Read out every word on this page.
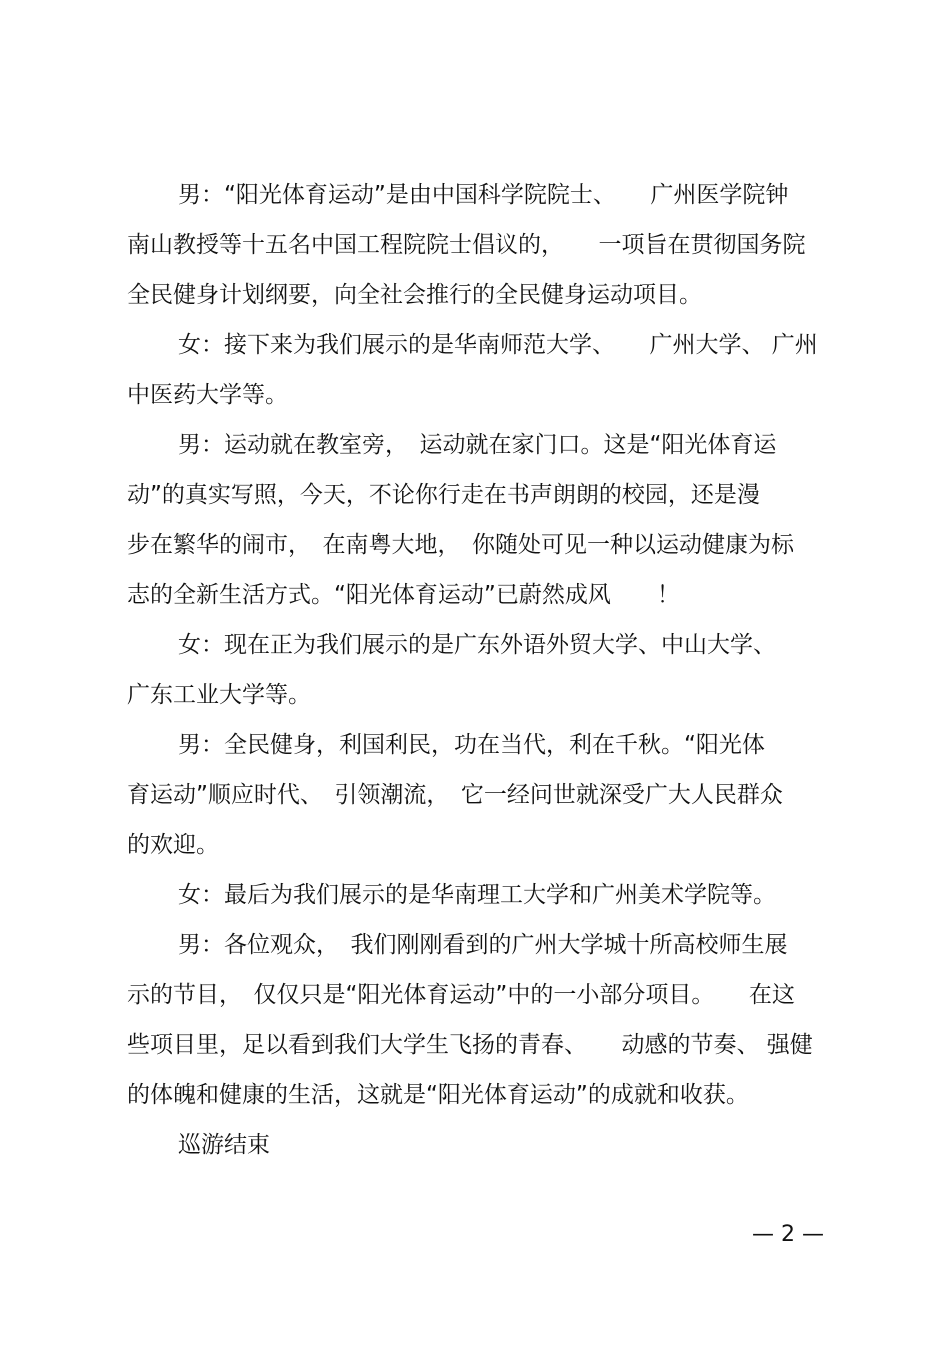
男：“阳光体育运动”是由中国科学院院士、　　广州医学院钟
南山教授等十五名中国工程院院士倡议的，　　一项旨在贯彻国务院
全民健身计划纲要，向全社会推行的全民健身运动项目。
女：接下来为我们展示的是华南师范大学、　　广州大学、 广州
中医药大学等。
男：运动就在教室旁，　运动就在家门口。这是“阳光体育运
动”的真实写照，今天，不论你行走在书声朗朗的校园，还是漫
步在繁华的闹市，　在南粤大地，　你随处可见一种以运动健康为标
志的全新生活方式。“阳光体育运动”已蔚然成风　　！
女：现在正为我们展示的是广东外语外贸大学、中山大学、
广东工业大学等。
男：全民健身，利国利民，功在当代，利在千秋。“阳光体
育运动”顺应时代、　引领潮流，　它一经问世就深受广大人民群众
的欢迎。
女：最后为我们展示的是华南理工大学和广州美术学院等。
男：各位观众，　我们刚刚看到的广州大学城十所高校师生展
示的节目，　仅仅只是“阳光体育运动”中的一小部分项目。　　在这
些项目里，足以看到我们大学生飞扬的青春、　　动感的节奏、 强健
的体魄和健康的生活，这就是“阳光体育运动”的成就和收获。
巡游结束
— 2 —
